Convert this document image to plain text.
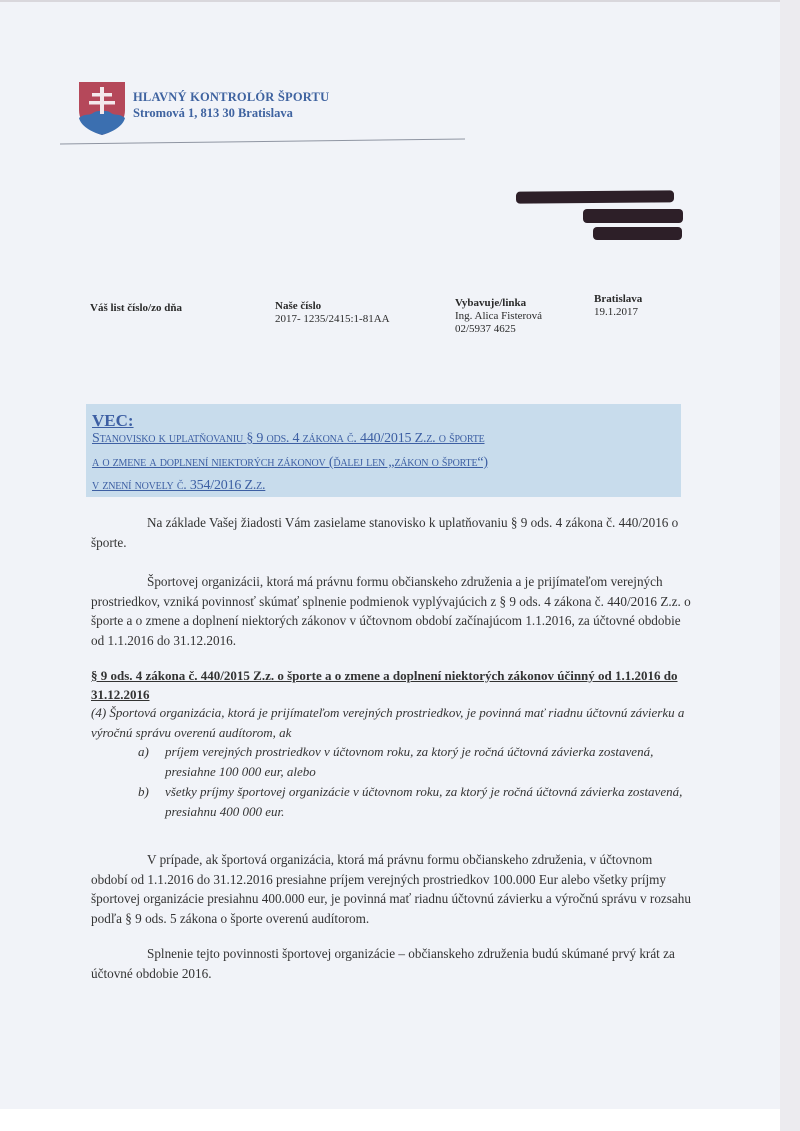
HLAVNÝ KONTROLÓR ŠPORTU
Stromová 1, 813 30 Bratislava
Váš list číslo/zo dňa	Naše číslo
2017- 1235/2415:1-81AA
Vybavuje/linka
Ing. Alica Fisterová
02/5937 4625
Bratislava
19.1.2017
VEC:
Stanovisko k uplatňovaniu § 9 ods. 4 zákona č. 440/2015 Z.z. o športe
a o zmene a doplnení niektorých zákonov (ďalej len „zákon o športe“)
v znení novely č. 354/2016 Z.z.
Na základe Vašej žiadosti Vám zasielame stanovisko k uplatňovaniu § 9 ods. 4 zákona č. 440/2016 o športe.
Športovej organizácii, ktorá má právnu formu občianskeho združenia a je prijímateľom verejných prostriedkov, vzniká povinnosť skúmať splnenie podmienok vyplývajúcich z § 9 ods. 4 zákona č. 440/2016 Z.z. o športe a o zmene a doplnení niektorých zákonov v účtovnom období začínajúcom 1.1.2016, za účtovné obdobie od 1.1.2016 do 31.12.2016.
§ 9 ods. 4 zákona č. 440/2015 Z.z. o športe a o zmene a doplnení niektorých zákonov účinný od 1.1.2016 do 31.12.2016
(4) Športová organizácia, ktorá je prijímateľom verejných prostriedkov, je povinná mať riadnu účtovnú závierku a výročnú správu overenú audítorom, ak
a) príjem verejných prostriedkov v účtovnom roku, za ktorý je ročná účtovná závierka zostavená, presiahne 100 000 eur, alebo
b) všetky príjmy športovej organizácie v účtovnom roku, za ktorý je ročná účtovná závierka zostavená, presiahnu 400 000 eur.
V prípade, ak športová organizácia, ktorá má právnu formu občianskeho združenia, v účtovnom období od 1.1.2016 do 31.12.2016 presiahne príjem verejných prostriedkov 100.000 Eur alebo všetky príjmy športovej organizácie presiahnu 400.000 eur, je povinná mať riadnu účtovnú závierku a výročnú správu v rozsahu podľa § 9 ods. 5 zákona o športe overenú audítorom.
Splnenie tejto povinnosti športovej organizácie – občianskeho združenia budú skúmané prvý krát za účtovné obdobie 2016.
